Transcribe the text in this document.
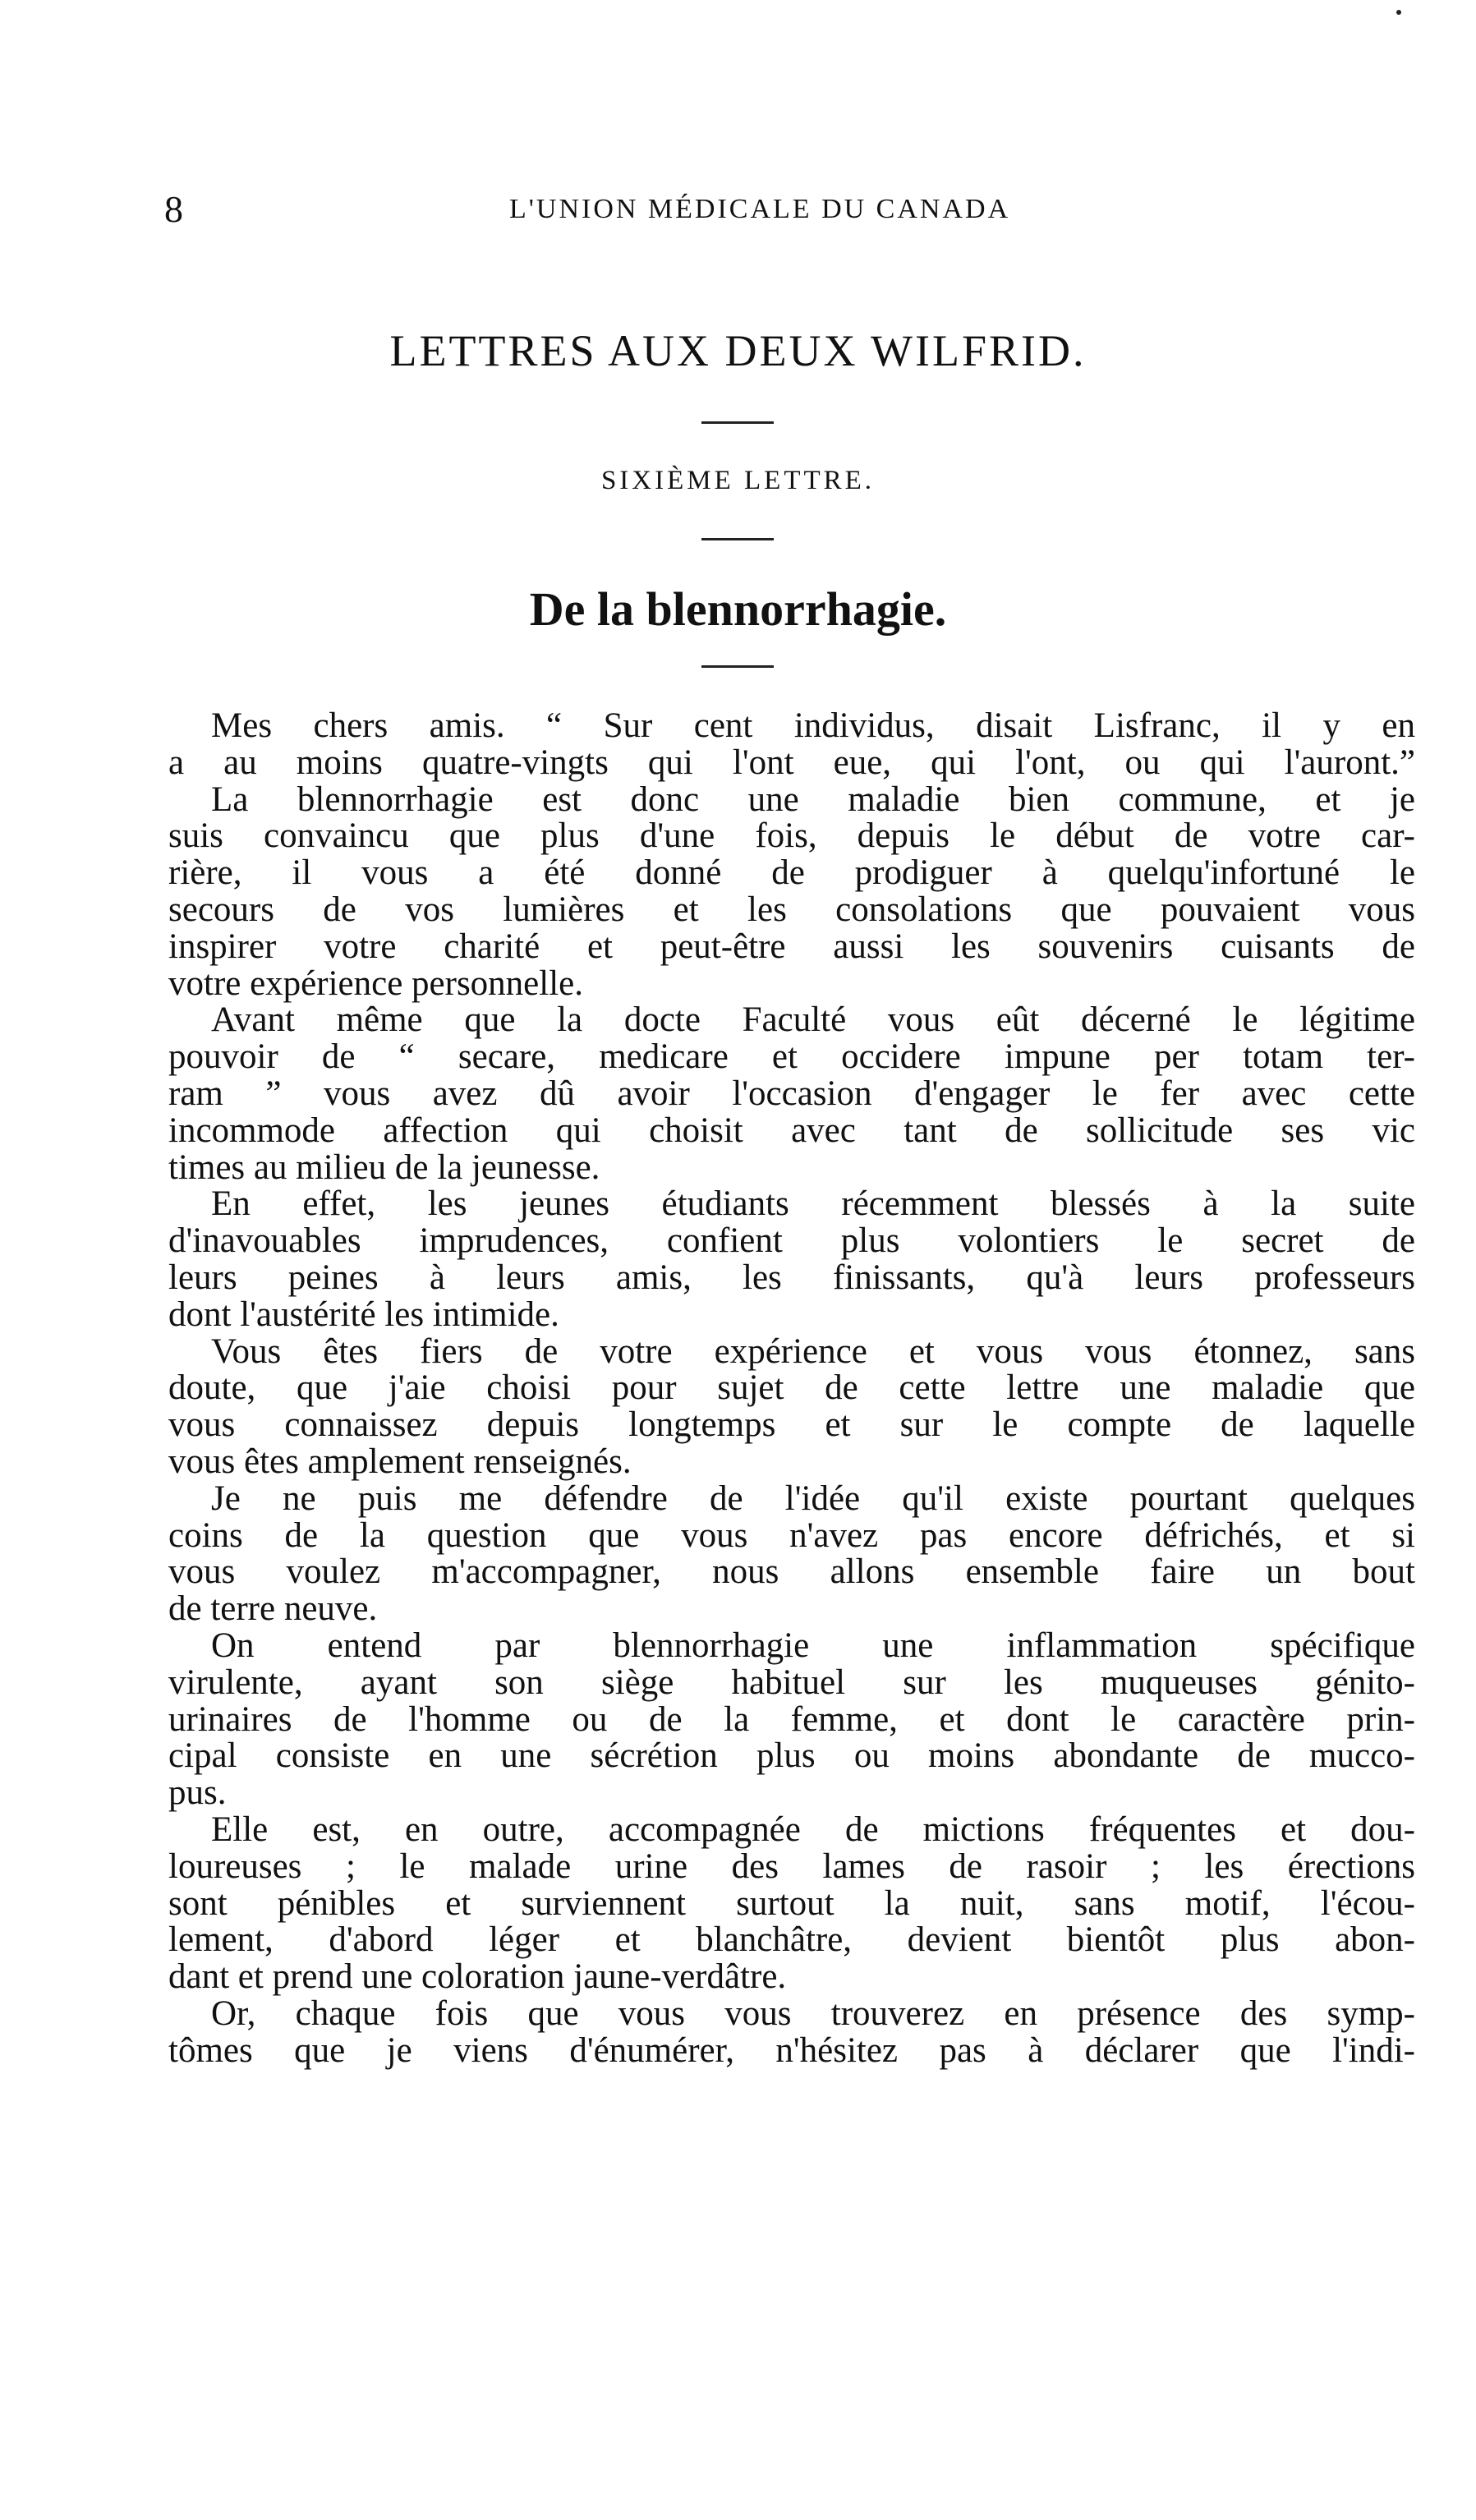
8	L'UNION MÉDICALE DU CANADA
LETTRES AUX DEUX WILFRID.
SIXIÈME LETTRE.
De la blennorrhagie.
Mes chers amis. “ Sur cent individus, disait Lisfranc, il y en
a au moins quatre-vingts qui l'ont eue, qui l'ont, ou qui l'auront.”
La blennorrhagie est donc une maladie bien commune, et je
suis convaincu que plus d'une fois, depuis le début de votre car-
rière, il vous a été donné de prodiguer à quelqu'infortuné le
secours de vos lumières et les consolations que pouvaient vous
inspirer votre charité et peut-être aussi les souvenirs cuisants de
votre expérience personnelle.
Avant même que la docte Faculté vous eût décerné le légitime
pouvoir de “ secare, medicare et occidere impune per totam ter-
ram ” vous avez dû avoir l'occasion d'engager le fer avec cette
incommode affection qui choisit avec tant de sollicitude ses vic
times au milieu de la jeunesse.
En effet, les jeunes étudiants récemment blessés à la suite
d'inavouables imprudences, confient plus volontiers le secret de
leurs peines à leurs amis, les finissants, qu'à leurs professeurs
dont l'austérité les intimide.
Vous êtes fiers de votre expérience et vous vous étonnez, sans
doute, que j'aie choisi pour sujet de cette lettre une maladie que
vous connaissez depuis longtemps et sur le compte de laquelle
vous êtes amplement renseignés.
Je ne puis me défendre de l'idée qu'il existe pourtant quelques
coins de la question que vous n'avez pas encore défrichés, et si
vous voulez m'accompagner, nous allons ensemble faire un bout
de terre neuve.
On entend par blennorrhagie une inflammation spécifique
virulente, ayant son siège habituel sur les muqueuses génito-
urinaires de l'homme ou de la femme, et dont le caractère prin-
cipal consiste en une sécrétion plus ou moins abondante de mucco-
pus.
Elle est, en outre, accompagnée de mictions fréquentes et dou-
loureuses ; le malade urine des lames de rasoir ; les érections
sont pénibles et surviennent surtout la nuit, sans motif, l'écou-
lement, d'abord léger et blanchâtre, devient bientôt plus abon-
dant et prend une coloration jaune-verdâtre.
Or, chaque fois que vous vous trouverez en présence des symp-
tômes que je viens d'énumérer, n'hésitez pas à déclarer que l'indi-
